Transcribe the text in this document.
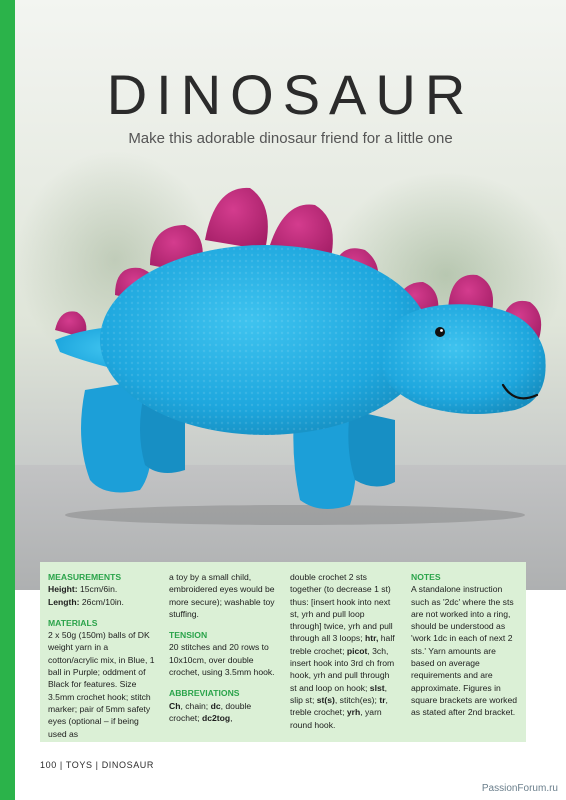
DINOSAUR
Make this adorable dinosaur friend for a little one
MEASUREMENTS

Height: 15cm/6in.

Length: 26cm/10in.

MATERIALS

2 x 50g (150m) balls of DK weight yarn in a cotton/acrylic mix, in Blue, 1 ball in Purple; oddment of Black for features. Size 3.5mm crochet hook; stitch marker; pair of 5mm safety eyes (optional – if being used as

a toy by a small child, embroidered eyes would be more secure); washable toy stuffing.

TENSION

20 stitches and 20 rows to 10x10cm, over double crochet, using 3.5mm hook.

ABBREVIATIONS

Ch, chain; dc, double crochet; dc2tog,

double crochet 2 sts together (to decrease 1 st) thus: [insert hook into next st, yrh and pull loop through] twice, yrh and pull through all 3 loops; htr, half treble crochet; picot, 3ch, insert hook into 3rd ch from hook, yrh and pull through st and loop on hook; slst, slip st; st(s), stitch(es); tr, treble crochet; yrh, yarn round hook.

NOTES

A standalone instruction such as '2dc' where the sts are not worked into a ring, should be understood as 'work 1dc in each of next 2 sts.' Yarn amounts are based on average requirements and are approximate. Figures in square brackets are worked as stated after 2nd bracket.

100 | TOYS | DINOSAUR
PassionForum.ru
